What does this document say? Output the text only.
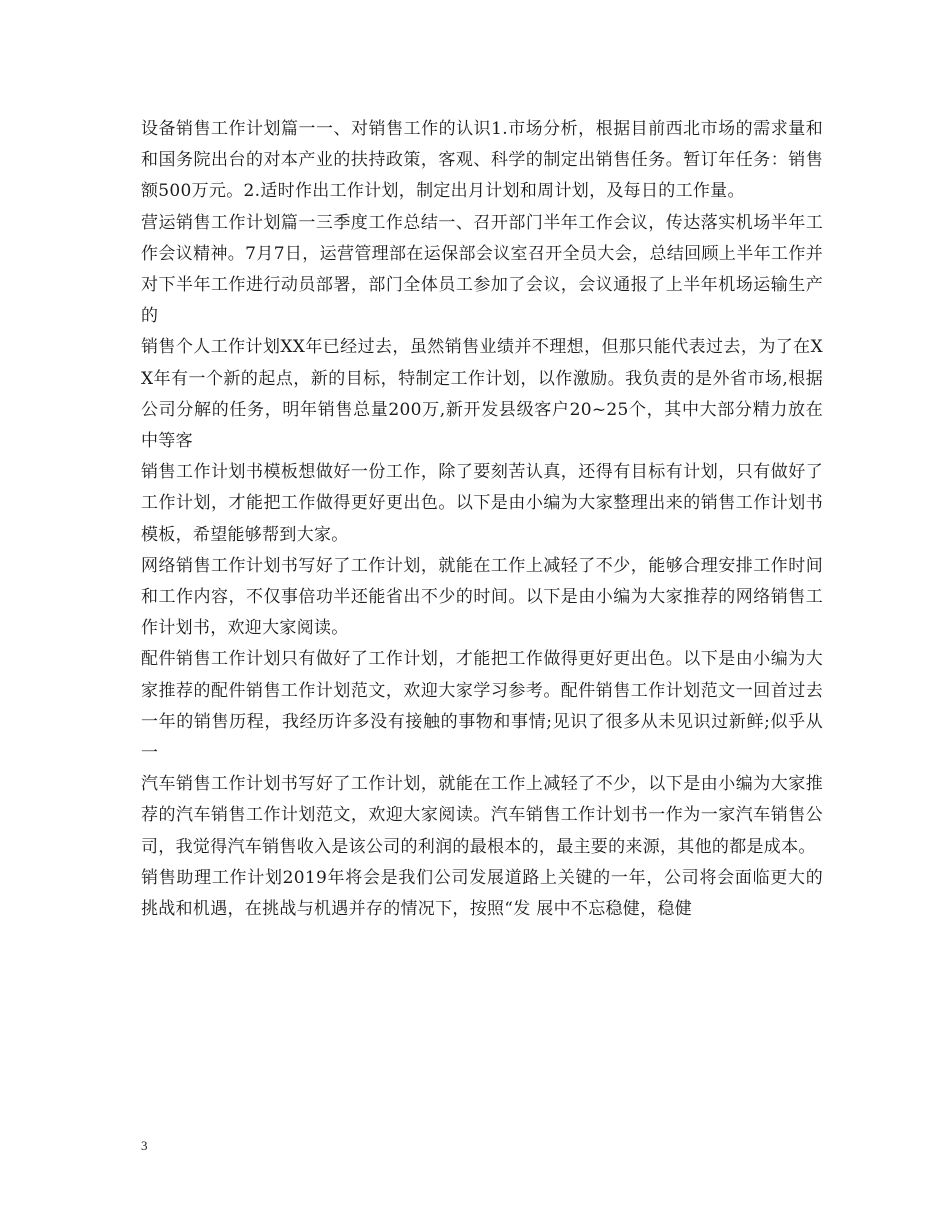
设备销售工作计划篇一一、对销售工作的认识1.市场分析，根据目前西北市场的需求量和和国务院出台的对本产业的扶持政策，客观、科学的制定出销售任务。暂订年任务：销售额500万元。2.适时作出工作计划，制定出月计划和周计划，及每日的工作量。

营运销售工作计划篇一三季度工作总结一、召开部门半年工作会议，传达落实机场半年工作会议精神。7月7日，运营管理部在运保部会议室召开全员大会，总结回顾上半年工作并对下半年工作进行动员部署，部门全体员工参加了会议，会议通报了上半年机场运输生产的

销售个人工作计划XX年已经过去，虽然销售业绩并不理想，但那只能代表过去，为了在XX年有一个新的起点，新的目标，特制定工作计划，以作激励。我负责的是外省市场,根据公司分解的任务，明年销售总量200万,新开发县级客户20~25个，其中大部分精力放在中等客

销售工作计划书模板想做好一份工作，除了要刻苦认真，还得有目标有计划，只有做好了工作计划，才能把工作做得更好更出色。以下是由小编为大家整理出来的销售工作计划书模板，希望能够帮到大家。

网络销售工作计划书写好了工作计划，就能在工作上减轻了不少，能够合理安排工作时间和工作内容，不仅事倍功半还能省出不少的时间。以下是由小编为大家推荐的网络销售工作计划书，欢迎大家阅读。

配件销售工作计划只有做好了工作计划，才能把工作做得更好更出色。以下是由小编为大家推荐的配件销售工作计划范文，欢迎大家学习参考。配件销售工作计划范文一回首过去一年的销售历程，我经历许多没有接触的事物和事情;见识了很多从未见识过新鲜;似乎从一

汽车销售工作计划书写好了工作计划，就能在工作上减轻了不少，以下是由小编为大家推荐的汽车销售工作计划范文，欢迎大家阅读。汽车销售工作计划书一作为一家汽车销售公司，我觉得汽车销售收入是该公司的利润的最根本的，最主要的来源，其他的都是成本。

销售助理工作计划2019年将会是我们公司发展道路上关键的一年，公司将会面临更大的挑战和机遇，在挑战与机遇并存的情况下，按照“发 展中不忘稳健，稳健

3
